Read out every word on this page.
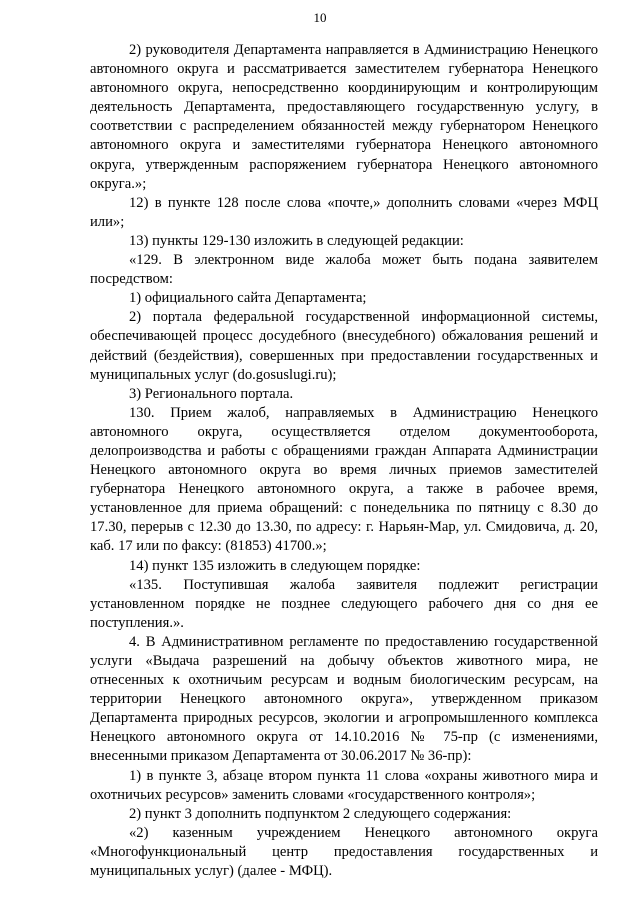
10

2) руководителя Департамента направляется в Администрацию Ненецкого автономного округа и рассматривается заместителем губернатора Ненецкого автономного округа, непосредственно координирующим и контролирующим деятельность Департамента, предоставляющего государственную услугу, в соответствии с распределением обязанностей между губернатором Ненецкого автономного округа и заместителями губернатора Ненецкого автономного округа, утвержденным распоряжением губернатора Ненецкого автономного округа.»;

12) в пункте 128 после слова «почте,» дополнить словами «через МФЦ или»;

13) пункты 129-130 изложить в следующей редакции:

«129. В электронном виде жалоба может быть подана заявителем посредством:

1) официального сайта Департамента;

2) портала федеральной государственной информационной системы, обеспечивающей процесс досудебного (внесудебного) обжалования решений и действий (бездействия), совершенных при предоставлении государственных и муниципальных услуг (do.gosuslugi.ru);

3) Регионального портала.

130. Прием жалоб, направляемых в Администрацию Ненецкого автономного округа, осуществляется отделом документооборота, делопроизводства и работы с обращениями граждан Аппарата Администрации Ненецкого автономного округа во время личных приемов заместителей губернатора Ненецкого автономного округа, а также в рабочее время, установленное для приема обращений: с понедельника по пятницу с 8.30 до 17.30, перерыв с 12.30 до 13.30, по адресу: г. Нарьян-Мар, ул. Смидовича, д. 20, каб. 17 или по факсу: (81853) 41700.»;

14) пункт 135 изложить в следующем порядке:

«135. Поступившая жалоба заявителя подлежит регистрации установленном порядке не позднее следующего рабочего дня со дня ее поступления.».

4. В Административном регламенте по предоставлению государственной услуги «Выдача разрешений на добычу объектов животного мира, не отнесенных к охотничьим ресурсам и водным биологическим ресурсам, на территории Ненецкого автономного округа», утвержденном приказом Департамента природных ресурсов, экологии и агропромышленного комплекса Ненецкого автономного округа от 14.10.2016 № 75-пр (с изменениями, внесенными приказом Департамента от 30.06.2017 № 36-пр):

1) в пункте 3, абзаце втором пункта 11 слова «охраны животного мира и охотничьих ресурсов» заменить словами «государственного контроля»;

2) пункт 3 дополнить подпунктом 2 следующего содержания:

«2) казенным учреждением Ненецкого автономного округа «Многофункциональный центр предоставления государственных и муниципальных услуг) (далее - МФЦ).
